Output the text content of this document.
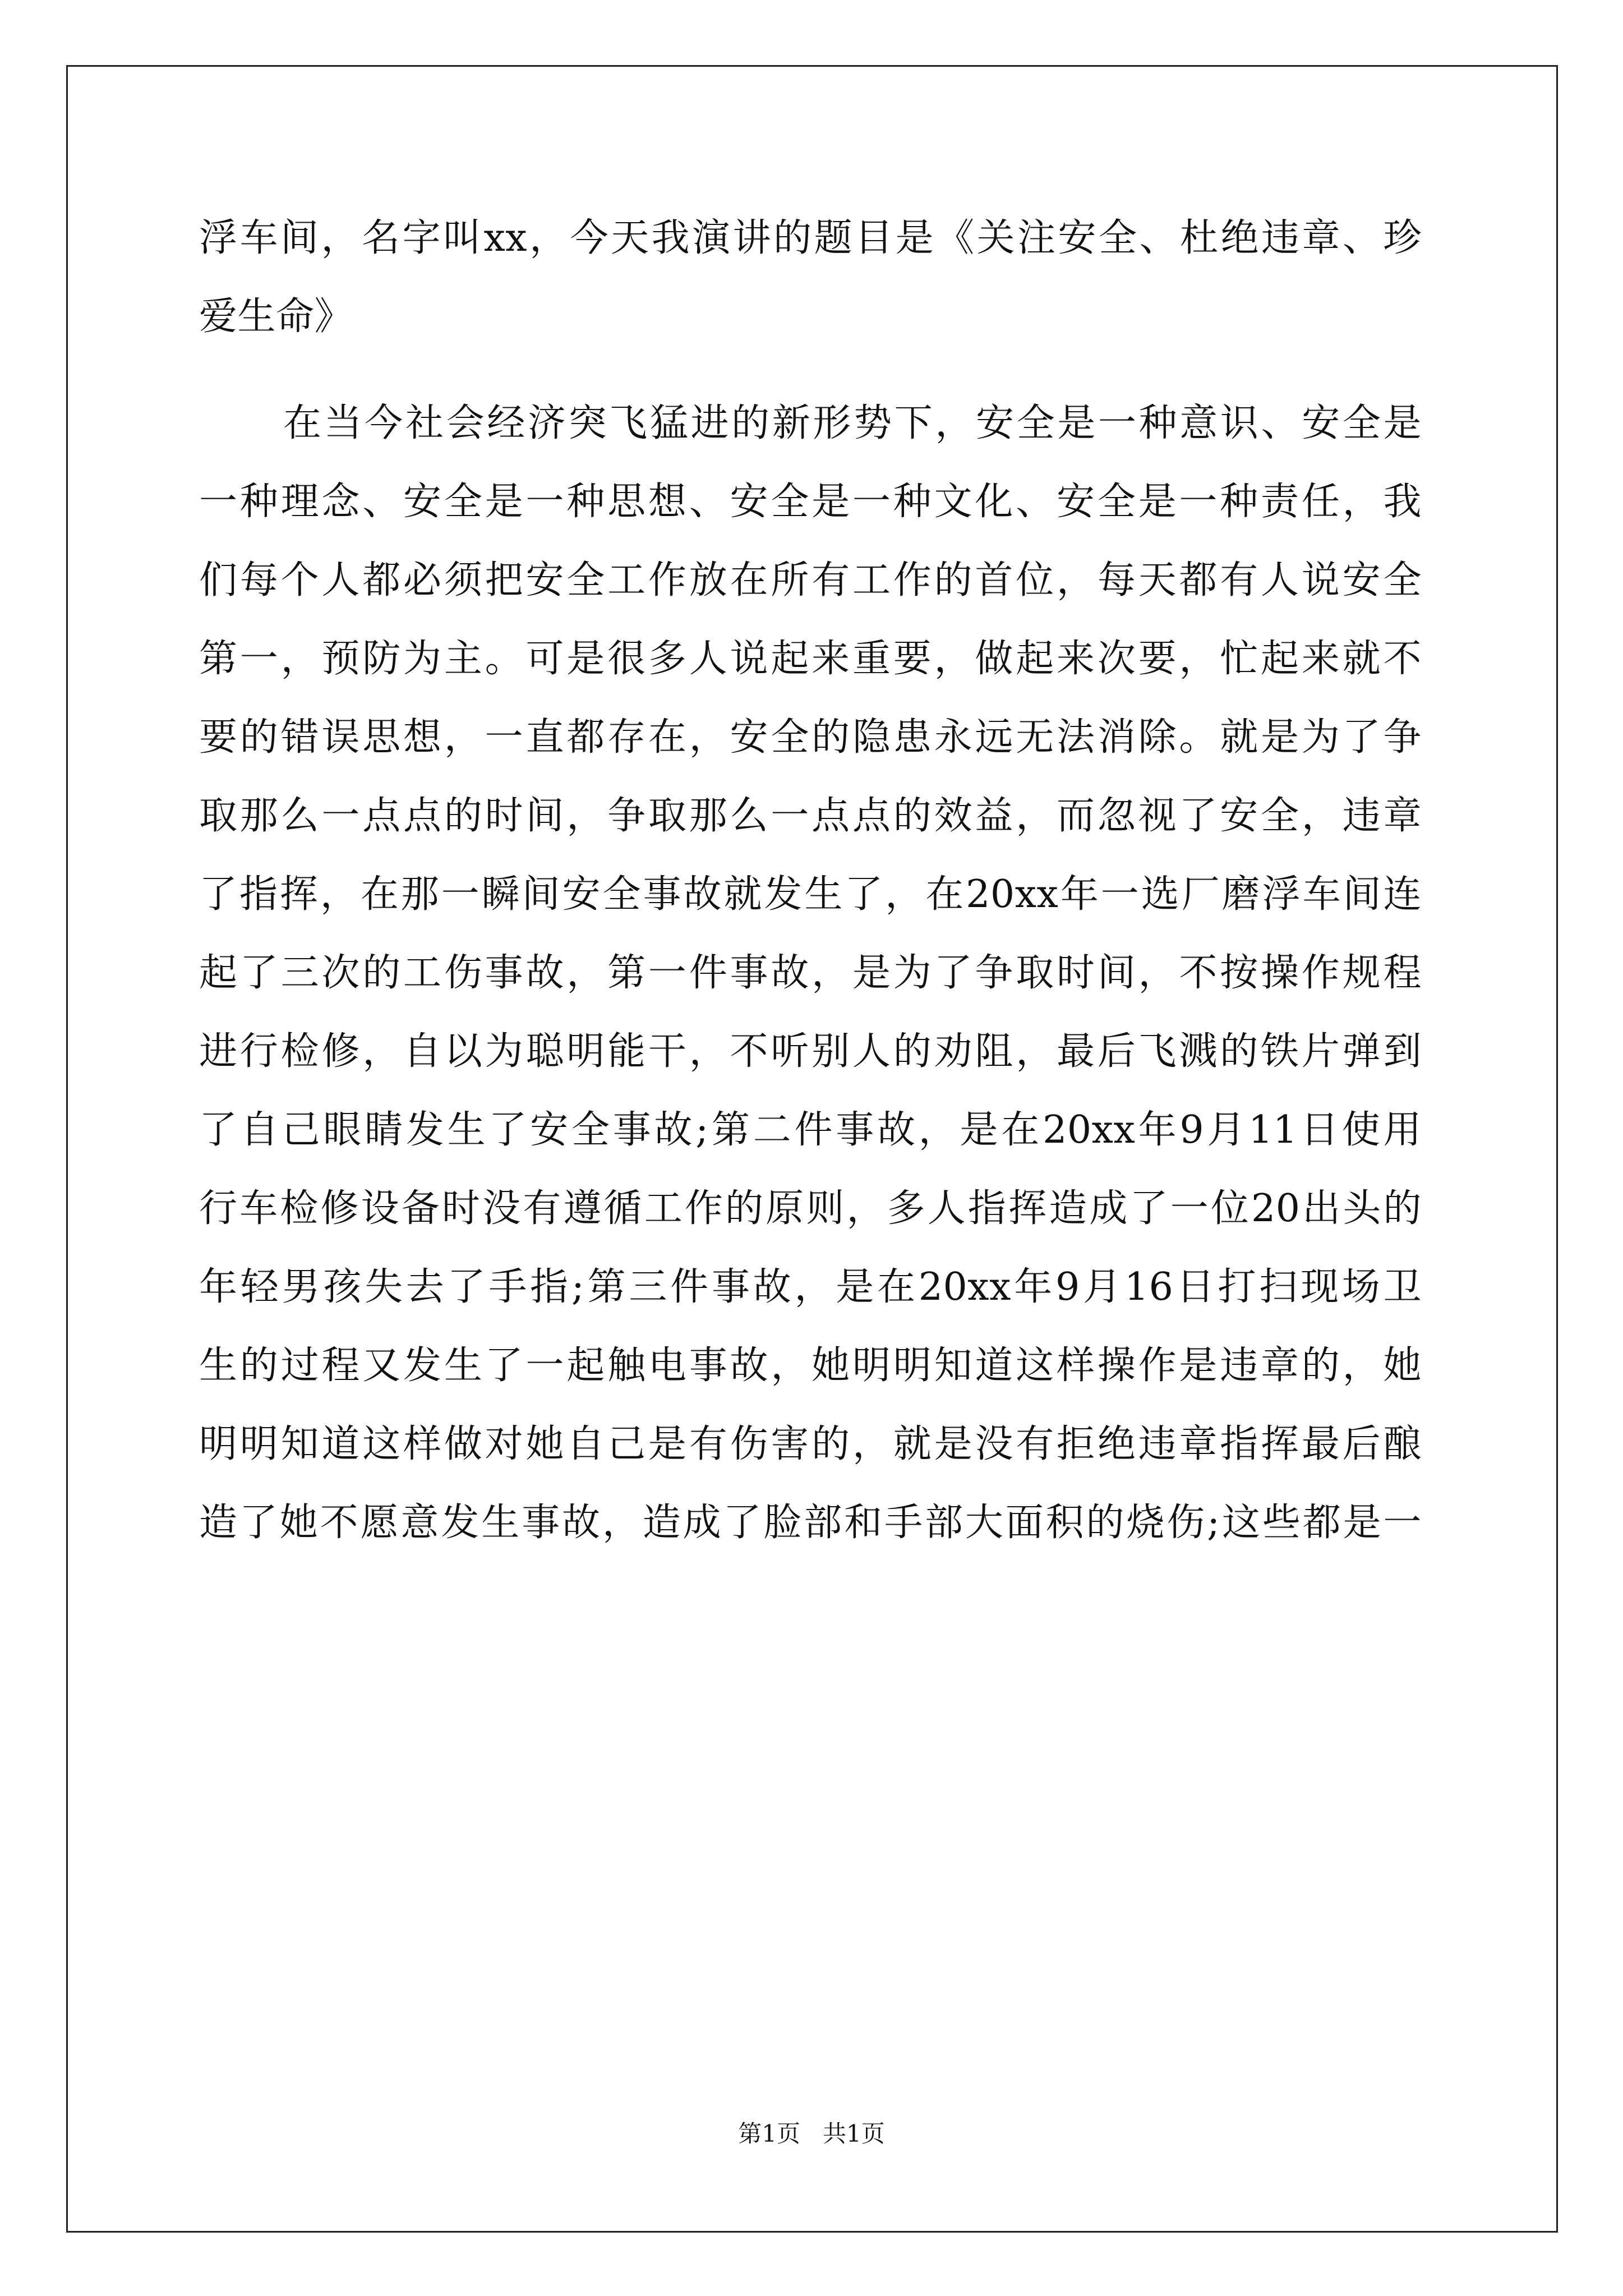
浮车间，名字叫xx，今天我演讲的题目是《关注安全、杜绝违章、珍
爱生命》
在当今社会经济突飞猛进的新形势下，安全是一种意识、安全是
一种理念、安全是一种思想、安全是一种文化、安全是一种责任，我
们每个人都必须把安全工作放在所有工作的首位，每天都有人说安全
第一，预防为主。可是很多人说起来重要，做起来次要，忙起来就不
要的错误思想，一直都存在，安全的隐患永远无法消除。就是为了争
取那么一点点的时间，争取那么一点点的效益，而忽视了安全，违章
了指挥，在那一瞬间安全事故就发生了，在20xx年一选厂磨浮车间连
起了三次的工伤事故，第一件事故，是为了争取时间，不按操作规程
进行检修，自以为聪明能干，不听别人的劝阻，最后飞溅的铁片弹到
了自己眼睛发生了安全事故;第二件事故，是在20xx年9月11日使用
行车检修设备时没有遵循工作的原则，多人指挥造成了一位20出头的
年轻男孩失去了手指;第三件事故，是在20xx年9月16日打扫现场卫
生的过程又发生了一起触电事故，她明明知道这样操作是违章的，她
明明知道这样做对她自己是有伤害的，就是没有拒绝违章指挥最后酿
造了她不愿意发生事故，造成了脸部和手部大面积的烧伤;这些都是一
第1页 共1页
